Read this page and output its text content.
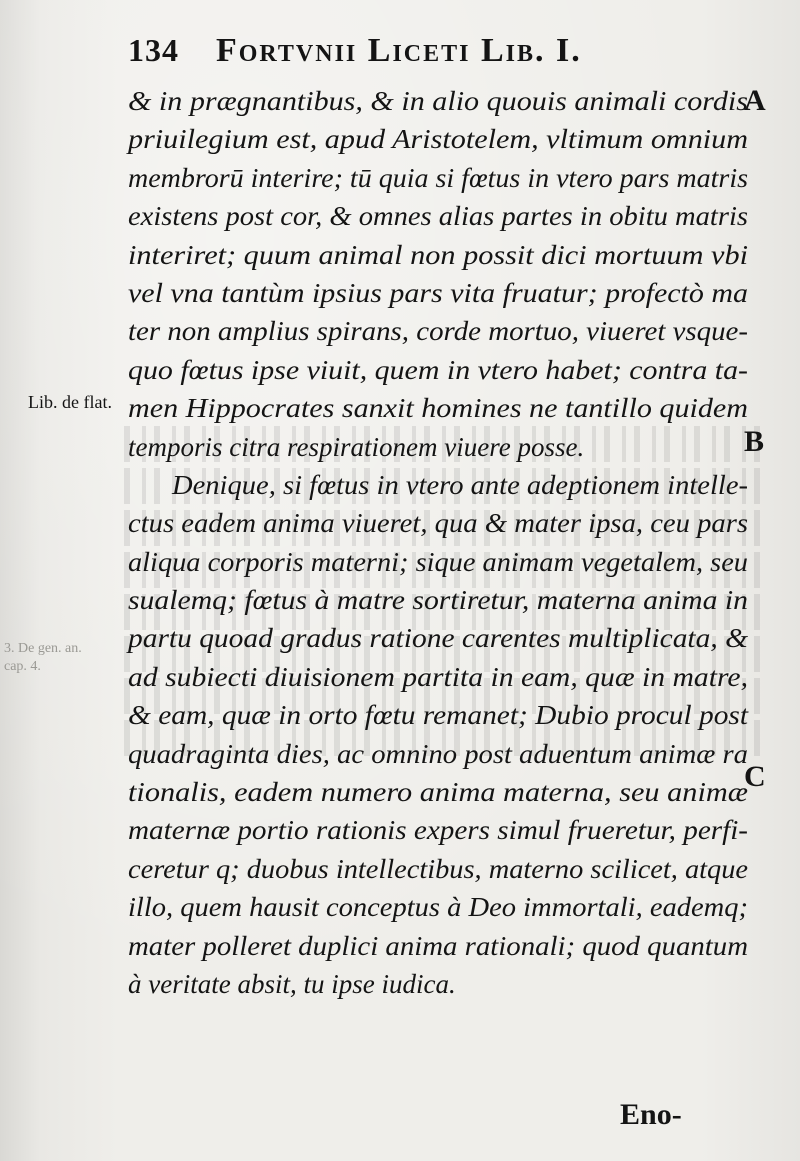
134 Fortvnii Liceti Lib. I.
A
B
C
Lib. de flat.
3. De gen. an.
cap. 4.
& in prægnantibus, & in alio quouis animali cordis
priuilegium est, apud Aristotelem, vltimum omnium
membrorū interire; tū quia si fœtus in vtero pars matris
existens post cor, & omnes alias partes in obitu matris
interiret; quum animal non possit dici mortuum vbi
vel vna tantùm ipsius pars vita fruatur; profectò ma
ter non amplius spirans, corde mortuo, viueret vsque-
quo fœtus ipse viuit, quem in vtero habet; contra ta-
men Hippocrates sanxit homines ne tantillo quidem
temporis citra respirationem viuere posse.
Denique, si fœtus in vtero ante adeptionem intelle-
ctus eadem anima viueret, qua & mater ipsa, ceu pars
aliqua corporis materni; sique animam vegetalem, seu
sualemq; fœtus à matre sortiretur, materna anima in
partu quoad gradus ratione carentes multiplicata, &
ad subiecti diuisionem partita in eam, quæ in matre,
& eam, quæ in orto fœtu remanet; Dubio procul post
quadraginta dies, ac omnino post aduentum animæ ra
tionalis, eadem numero anima materna, seu animæ
maternæ portio rationis expers simul frueretur, perfi-
ceretur q; duobus intellectibus, materno scilicet, atque
illo, quem hausit conceptus à Deo immortali, eademq;
mater polleret duplici anima rationali; quod quantum
à veritate absit, tu ipse iudica.
Eno-
